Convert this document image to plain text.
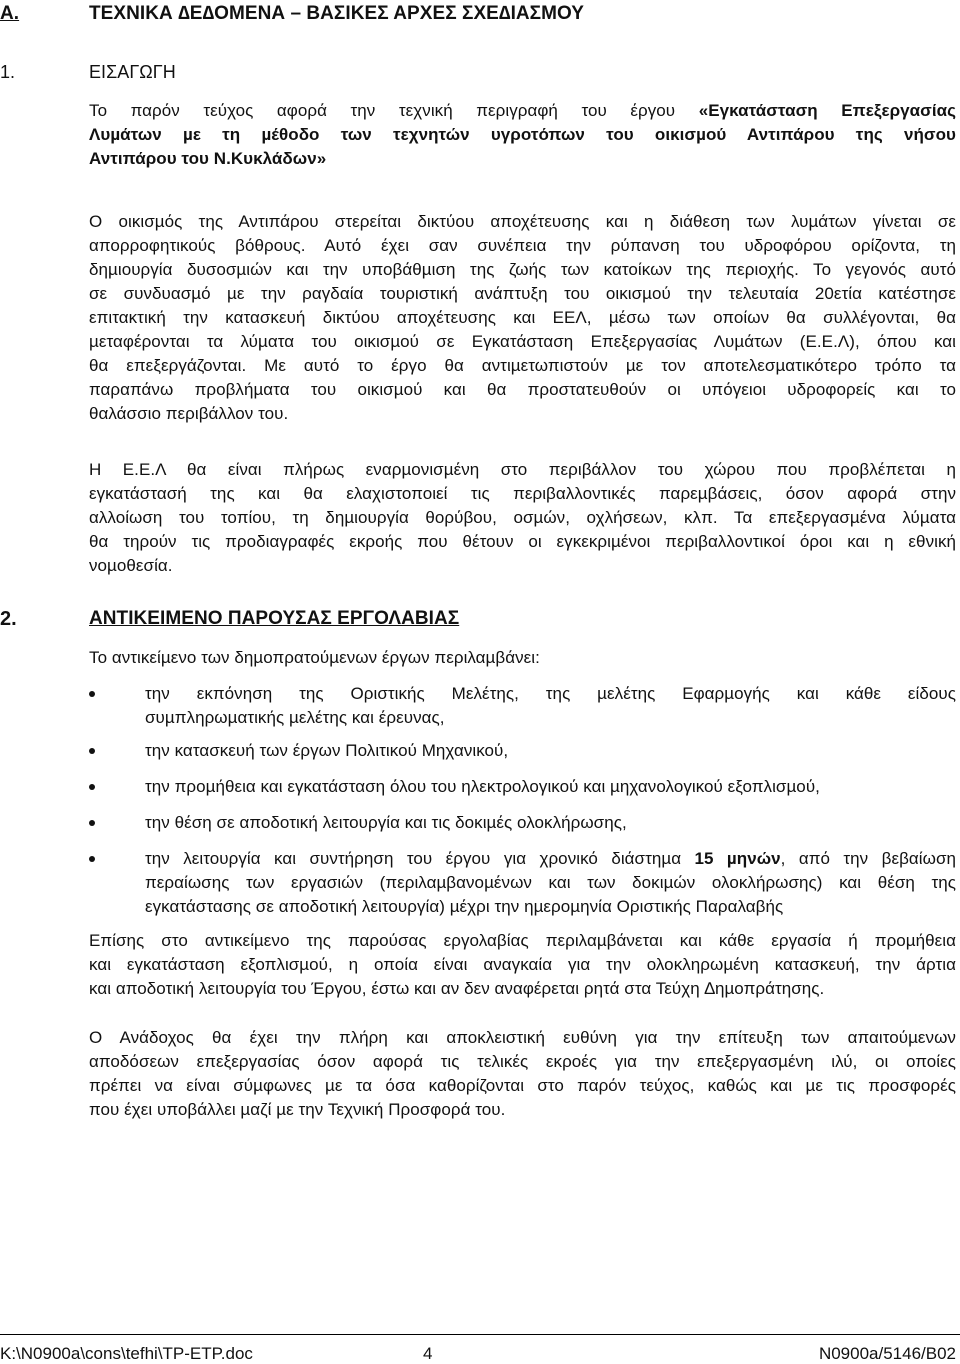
Α.	ΤΕΧΝΙΚΑ ∆Ε∆ΟΜΕΝΑ – ΒΑΣΙΚΕΣ ΑΡΧΕΣ ΣΧΕ∆ΙΑΣΜΟΥ
1.	ΕΙΣΑΓΩΓΗ
Το παρόν τεύχος αφορά την τεχνική περιγραφή του έργου «Εγκατάσταση Επεξεργασίας
Λυµάτων µε τη µέθοδο των τεχνητών υγροτόπων του οικισµού Αντιπάρου της νήσου
Αντιπάρου του Ν.Κυκλάδων»
Ο οικισµός της Αντιπάρου στερείται δικτύου αποχέτευσης και η διάθεση των λυµάτων γίνεται σε
απορροφητικούς βόθρους. Αυτό έχει σαν συνέπεια την ρύπανση του υδροφόρου ορίζοντα, τη
δηµιουργία δυσοσµιών και την υποβάθµιση της ζωής των κατοίκων της περιοχής. Το γεγονός αυτό
σε συνδυασµό µε την ραγδαία τουριστική ανάπτυξη του οικισµού την τελευταία 20ετία κατέστησε
επιτακτική την κατασκευή δικτύου αποχέτευσης και ΕΕΛ, µέσω των οποίων θα συλλέγονται, θα
µεταφέρονται τα λύµατα του οικισµού σε Εγκατάσταση Επεξεργασίας Λυµάτων (Ε.Ε.Λ), όπου και
θα επεξεργάζονται. Με αυτό το έργο θα αντιµετωπιστούν µε τον αποτελεσµατικότερο τρόπο τα
παραπάνω προβλήµατα του οικισµού και θα προστατευθούν οι υπόγειοι υδροφορείς και το
θαλάσσιο περιβάλλον του.
Η Ε.Ε.Λ θα είναι πλήρως εναρµονισµένη στο περιβάλλον του χώρου που προβλέπεται η
εγκατάστασή της και θα ελαχιστοποιεί τις περιβαλλοντικές παρεµβάσεις, όσον αφορά στην
αλλοίωση του τοπίου, τη δηµιουργία θορύβου, οσµών, οχλήσεων, κλπ. Τα επεξεργασµένα λύµατα
θα τηρούν τις προδιαγραφές εκροής που θέτουν οι εγκεκριµένοι περιβαλλοντικοί όροι και η εθνική
νοµοθεσία.
2.	ΑΝΤΙΚΕΙΜΕΝΟ ΠΑΡΟΥΣΑΣ ΕΡΓΟΛΑΒΙΑΣ
Το αντικείµενο των δηµοπρατούµενων έργων περιλαµβάνει:
την εκπόνηση της Οριστικής Μελέτης, της µελέτης Εφαρµογής και κάθε είδους
συµπληρωµατικής µελέτης και έρευνας,
την κατασκευή των έργων Πολιτικού Μηχανικού,
την προµήθεια και εγκατάσταση όλου του ηλεκτρολογικού και µηχανολογικού εξοπλισµού,
την θέση σε αποδοτική λειτουργία και τις δοκιµές ολοκλήρωσης,
την λειτουργία και συντήρηση του έργου για χρονικό διάστηµα 15 µηνών, από την βεβαίωση
περαίωσης των εργασιών (περιλαµβανοµένων και των δοκιµών ολοκλήρωσης) και θέση της
εγκατάστασης σε αποδοτική λειτουργία) µέχρι την ηµεροµηνία Οριστικής Παραλαβής
Επίσης στο αντικείµενο της παρούσας εργολαβίας περιλαµβάνεται και κάθε εργασία ή προµήθεια
και εγκατάσταση εξοπλισµού, η οποία είναι αναγκαία για την ολοκληρωµένη κατασκευή, την άρτια
και αποδοτική λειτουργία του Έργου, έστω και αν δεν αναφέρεται ρητά στα Τεύχη ∆ηµοπράτησης.
Ο Ανάδοχος θα έχει την πλήρη και αποκλειστική ευθύνη για την επίτευξη των απαιτούµενων
αποδόσεων επεξεργασίας όσον αφορά τις τελικές εκροές για την επεξεργασµένη ιλύ, οι οποίες
πρέπει να είναι σύµφωνες µε τα όσα καθορίζονται στο παρόν τεύχος, καθώς και µε τις προσφορές
που έχει υποβάλλει µαζί µε την Τεχνική Προσφορά του.
K:\N0900a\cons\tefhi\TP-ETP.doc	4	N0900a/5146/B02
